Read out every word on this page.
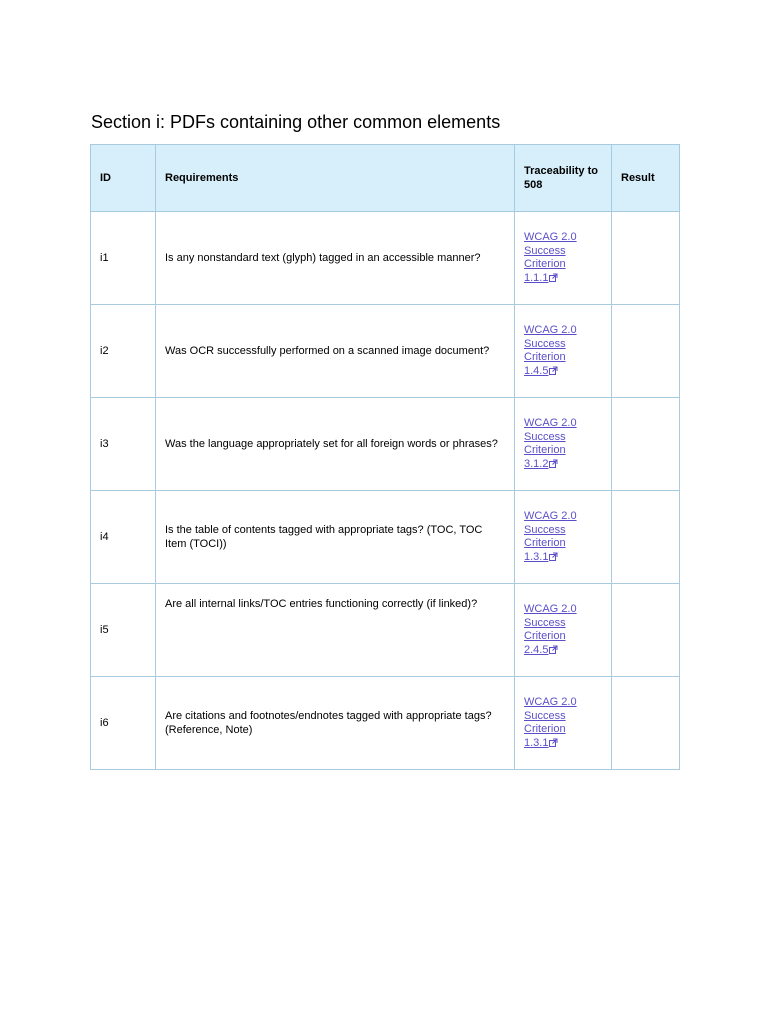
Section i: PDFs containing other common elements
ID	Requirements	Traceability to 508	Result
i1	Is any nonstandard text (glyph) tagged in an accessible manner?	WCAG 2.0
Success
Criterion
1.1.1	

i2	Was OCR successfully performed on a scanned image document?	WCAG 2.0
Success
Criterion
1.4.5	

i3	Was the language appropriately set for all foreign words or phrases?	WCAG 2.0
Success
Criterion
3.1.2	

i4	Is the table of contents tagged with appropriate tags? (TOC, TOC Item (TOCI))	WCAG 2.0
Success
Criterion
1.3.1	

i5	Are all internal links/TOC entries functioning correctly (if linked)?	WCAG 2.0
Success
Criterion
2.4.5	

i6	Are citations and footnotes/endnotes tagged with appropriate tags? (Reference, Note)	WCAG 2.0
Success
Criterion
1.3.1	
